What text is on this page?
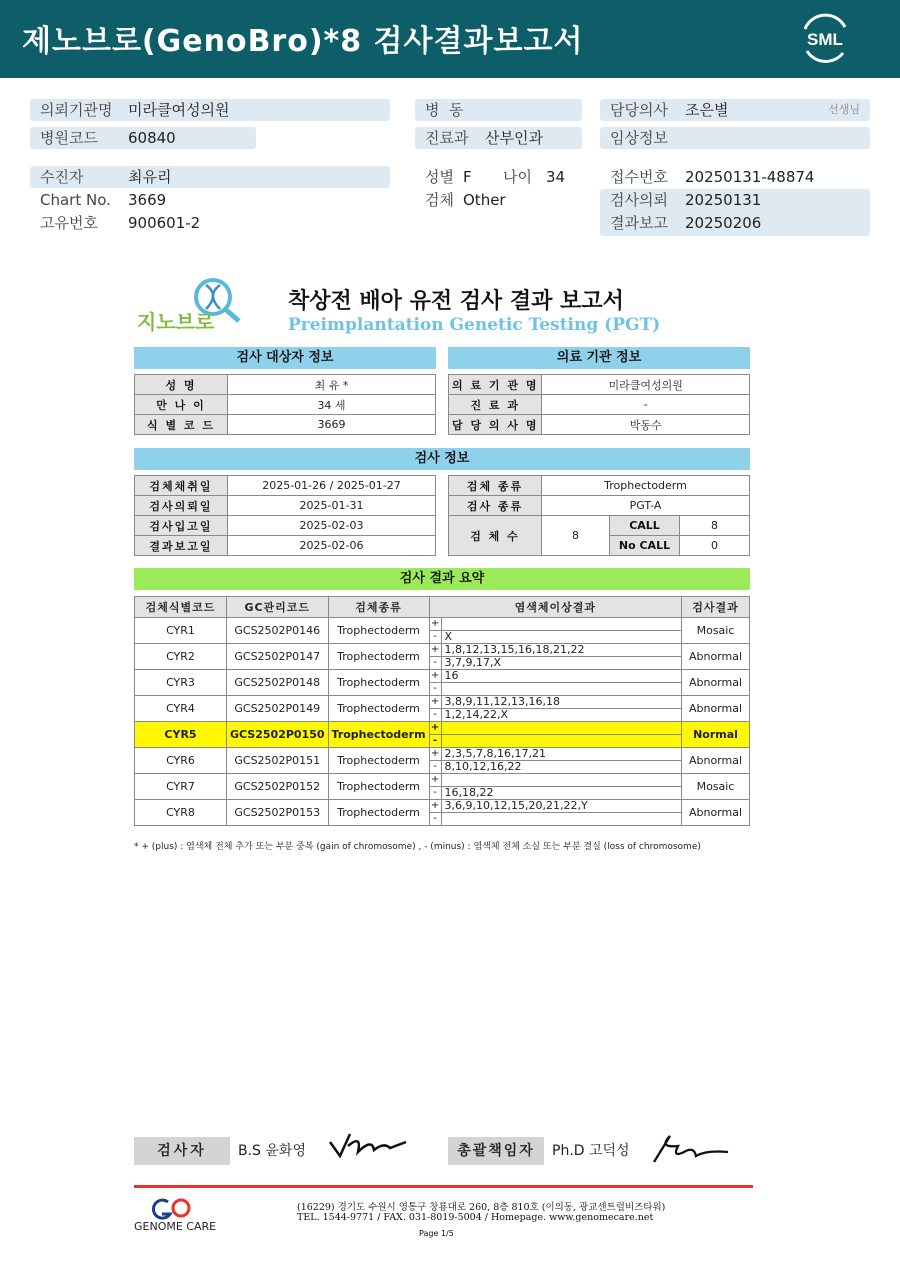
제노브로(GenoBro)*8 검사결과보고서	SML
의뢰기관명 미라클여성의원
병원코드 60840
수진자	최유리
Chart No. 3669
고유번호 900601-2
병  동
진료과 산부인과
성별 F 나이 34
검체 Other
담당의사 조은별	선생님
임상정보
접수번호 20250131-48874
검사의뢰 20250131
결과보고 20250206
지노브로
착상전 배아 유전 검사 결과 보고서
Preimplantation Genetic Testing (PGT)
검사 대상자 정보	의료 기관 정보
성 명	최 유 *
만 나 이	34 세
식 별 코 드	3669
의 료 기 관 명	미라클여성의원
진 료 과	-
담 당 의 사 명	박동수
검사 정보
검체채취일	2025-01-26 / 2025-01-27
검사의뢰일	2025-01-31
검사입고일	2025-02-03
결과보고일	2025-02-06
검체 종류	Trophectoderm		
검사 종류	PGT-A		
검 체 수	8	CALL	8
		No CALL	0
검사 결과 요약
검체식별코드	GC관리코드	검체종류	염색체이상결과		검사결과
CYR1	GCS2502P0146	Trophectoderm	+		Mosaic
			-	X	
CYR2	GCS2502P0147	Trophectoderm	+	1,8,12,13,15,16,18,21,22	Abnormal
			-	3,7,9,17,X	
CYR3	GCS2502P0148	Trophectoderm	+	16	Abnormal
			-		
CYR4	GCS2502P0149	Trophectoderm	+	3,8,9,11,12,13,16,18	Abnormal
			-	1,2,14,22,X	
CYR5	GCS2502P0150	Trophectoderm	+		Normal
			-		
CYR6	GCS2502P0151	Trophectoderm	+	2,3,5,7,8,16,17,21	Abnormal
			-	8,10,12,16,22	
CYR7	GCS2502P0152	Trophectoderm	+		Mosaic
			-	16,18,22	
CYR8	GCS2502P0153	Trophectoderm	+	3,6,9,10,12,15,20,21,22,Y	Abnormal
			-		
* + (plus) : 염색체 전체 추가 또는 부분 중복 (gain of chromosome) , - (minus) : 염색체 전체 소실 또는 부분 결실 (loss of chromosome)
검사자	B.S 윤화영	총괄책임자	Ph.D 고덕성
GENOME CARE
(16229) 경기도 수원시 영통구 창룡대로 260, 8층 810호 (이의동, 광교센트럴비즈타워)
TEL. 1544-9771 / FAX. 031-8019-5004 / Homepage. www.genomecare.net
Page 1/5
